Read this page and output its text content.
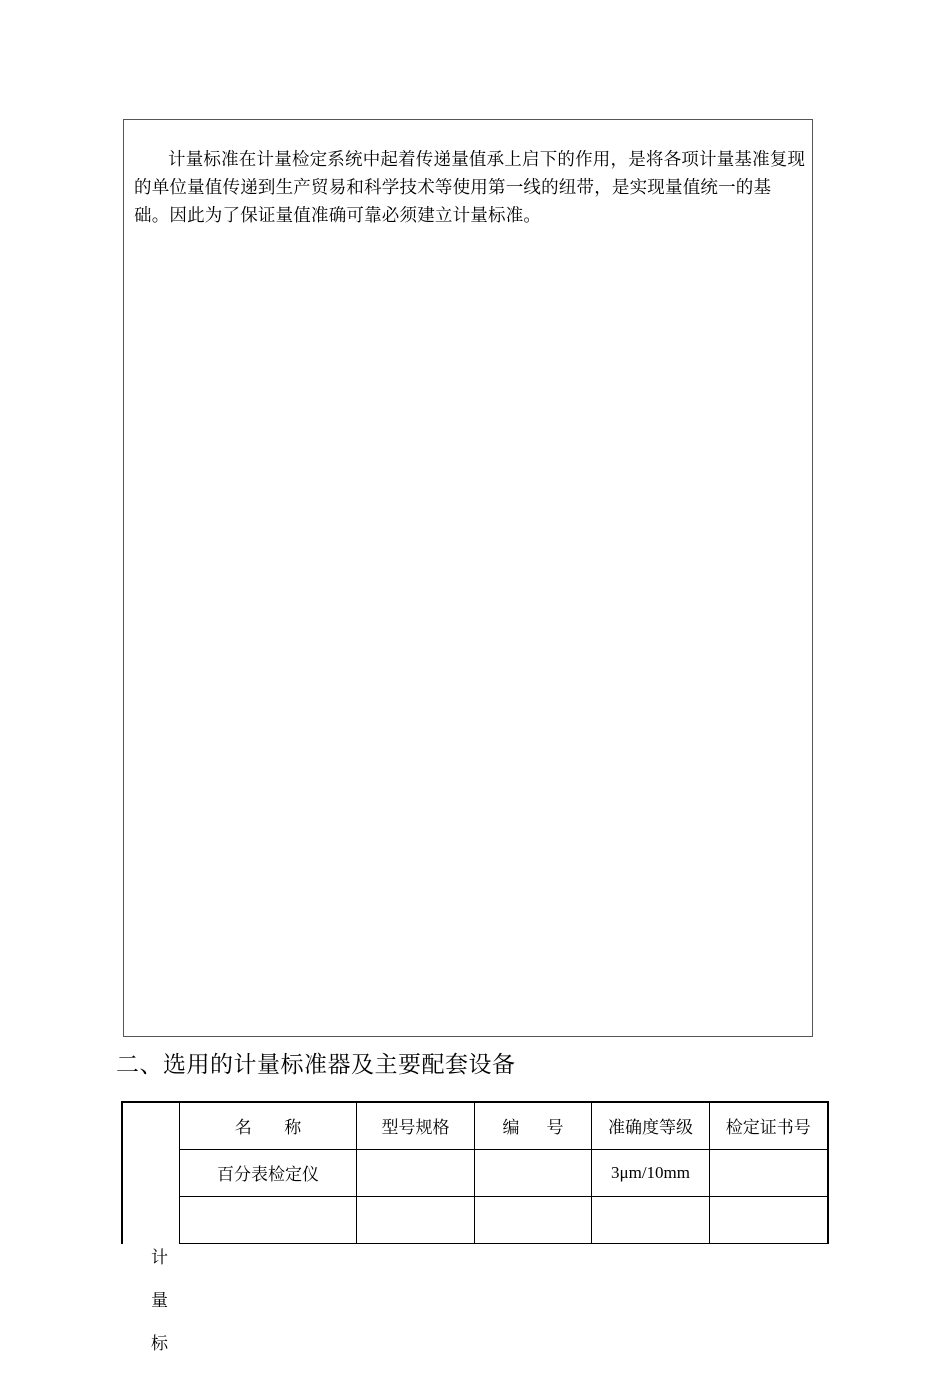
计量标准在计量检定系统中起着传递量值承上启下的作用，是将各项计量基准复现的单位量值传递到生产贸易和科学技术等使用第一线的纽带，是实现量值统一的基础。因此为了保证量值准确可靠必须建立计量标准。

二、选用的计量标准器及主要配套设备
名      称	型号规格	编     号	准确度等级	检定证书号
百分表检定仪			3μm/10mm	

计
量
标
